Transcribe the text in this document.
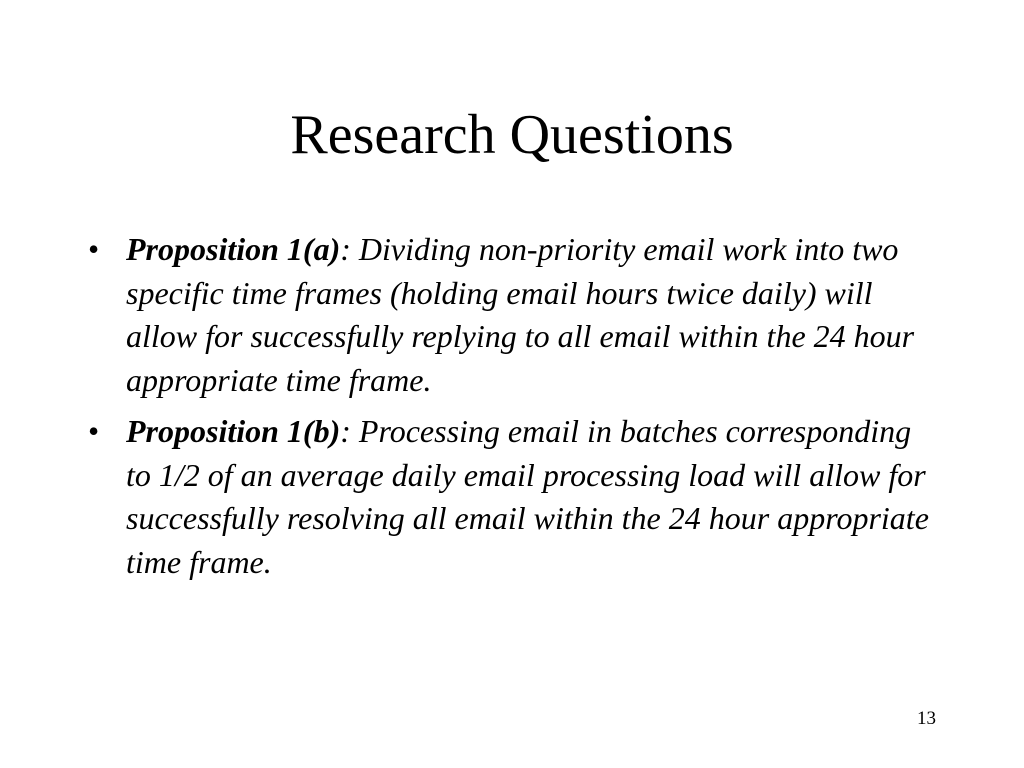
Research Questions
• Proposition 1(a): Dividing non-priority email work into two specific time frames (holding email hours twice daily) will allow for successfully replying to all email within the 24 hour appropriate time frame.
• Proposition 1(b): Processing email in batches corresponding to 1/2 of an average daily email processing load will allow for successfully resolving all email within the 24 hour appropriate time frame.
13
